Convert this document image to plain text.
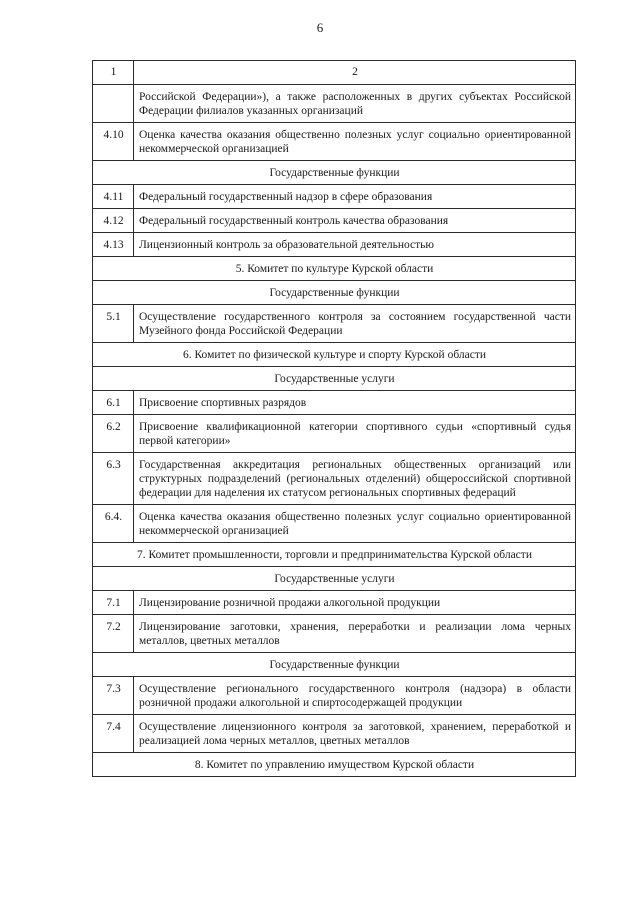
6
1	2
	Российской Федерации»), а также расположенных в других субъектах Российской Федерации филиалов указанных организаций
4.10	Оценка качества оказания общественно полезных услуг социально ориентированной некоммерческой организацией
Государственные функции	
4.11	Федеральный государственный надзор в сфере образования
4.12	Федеральный государственный контроль качества образования
4.13	Лицензионный контроль за образовательной деятельностью
5. Комитет по культуре Курской области	
Государственные функции	
5.1	Осуществление государственного контроля за состоянием государственной части Музейного фонда Российской Федерации
6. Комитет по физической культуре и спорту Курской области	
Государственные услуги	
6.1	Присвоение спортивных разрядов
6.2	Присвоение квалификационной категории спортивного судьи «спортивный судья первой категории»
6.3	Государственная аккредитация региональных общественных организаций или структурных подразделений (региональных отделений) общероссийской спортивной федерации для наделения их статусом региональных спортивных федераций
6.4.	Оценка качества оказания общественно полезных услуг социально ориентированной некоммерческой организацией
7. Комитет промышленности, торговли и предпринимательства Курской области	
Государственные услуги	
7.1	Лицензирование розничной продажи алкогольной продукции
7.2	Лицензирование заготовки, хранения, переработки и реализации лома черных металлов, цветных металлов
Государственные функции	
7.3	Осуществление регионального государственного контроля (надзора) в области розничной продажи алкогольной и спиртосодержащей продукции
7.4	Осуществление лицензионного контроля за заготовкой, хранением, переработкой и реализацией лома черных металлов, цветных металлов
8. Комитет по управлению имуществом Курской области	
